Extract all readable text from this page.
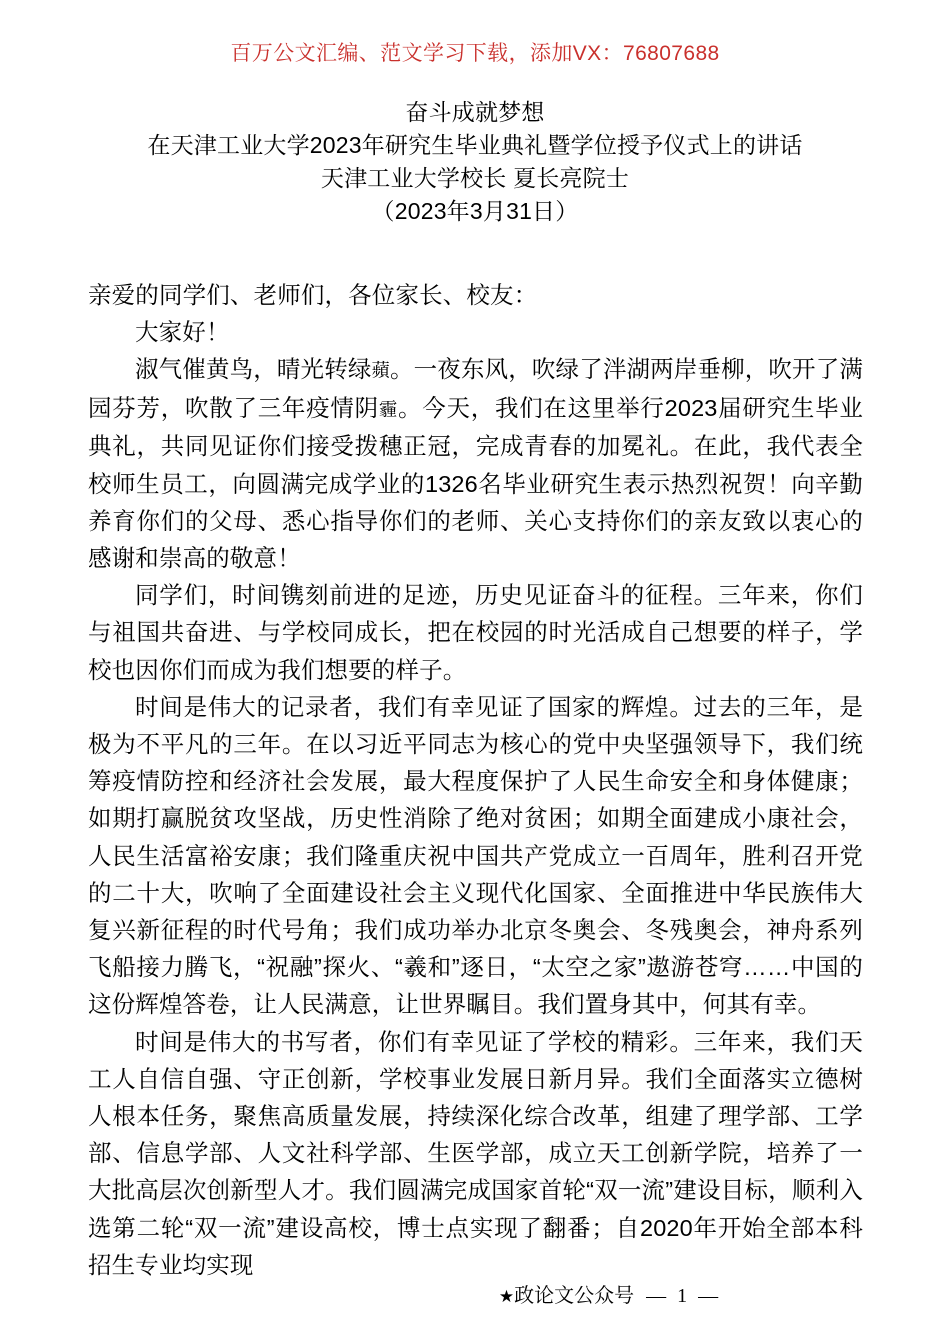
百万公文汇编、范文学习下载，添加VX：76807688
奋斗成就梦想
在天津工业大学2023年研究生毕业典礼暨学位授予仪式上的讲话
天津工业大学校长 夏长亮院士
（2023年3月31日）

亲爱的同学们、老师们，各位家长、校友：

大家好！

淑气催黄鸟，晴光转绿蘋。一夜东风，吹绿了泮湖两岸垂柳，吹开了满园芬芳，吹散了三年疫情阴霾。今天，我们在这里举行2023届研究生毕业典礼，共同见证你们接受拨穗正冠，完成青春的加冕礼。在此，我代表全校师生员工，向圆满完成学业的1326名毕业研究生表示热烈祝贺！向辛勤养育你们的父母、悉心指导你们的老师、关心支持你们的亲友致以衷心的感谢和崇高的敬意！

同学们，时间镌刻前进的足迹，历史见证奋斗的征程。三年来，你们与祖国共奋进、与学校同成长，把在校园的时光活成自己想要的样子，学校也因你们而成为我们想要的样子。

时间是伟大的记录者，我们有幸见证了国家的辉煌。过去的三年，是极为不平凡的三年。在以习近平同志为核心的党中央坚强领导下，我们统筹疫情防控和经济社会发展，最大程度保护了人民生命安全和身体健康；如期打赢脱贫攻坚战，历史性消除了绝对贫困；如期全面建成小康社会，人民生活富裕安康；我们隆重庆祝中国共产党成立一百周年，胜利召开党的二十大，吹响了全面建设社会主义现代化国家、全面推进中华民族伟大复兴新征程的时代号角；我们成功举办北京冬奥会、冬残奥会，神舟系列飞船接力腾飞，“祝融”探火、“羲和”逐日，“太空之家”遨游苍穹……中国的这份辉煌答卷，让人民满意，让世界瞩目。我们置身其中，何其有幸。

时间是伟大的书写者，你们有幸见证了学校的精彩。三年来，我们天工人自信自强、守正创新，学校事业发展日新月异。我们全面落实立德树人根本任务，聚焦高质量发展，持续深化综合改革，组建了理学部、工学部、信息学部、人文社科学部、生医学部，成立天工创新学院，培养了一大批高层次创新型人才。我们圆满完成国家首轮“双一流”建设目标，顺利入选第二轮“双一流”建设高校，博士点实现了翻番；自2020年开始全部本科招生专业均实现

★政论文公众号 — 1 —
